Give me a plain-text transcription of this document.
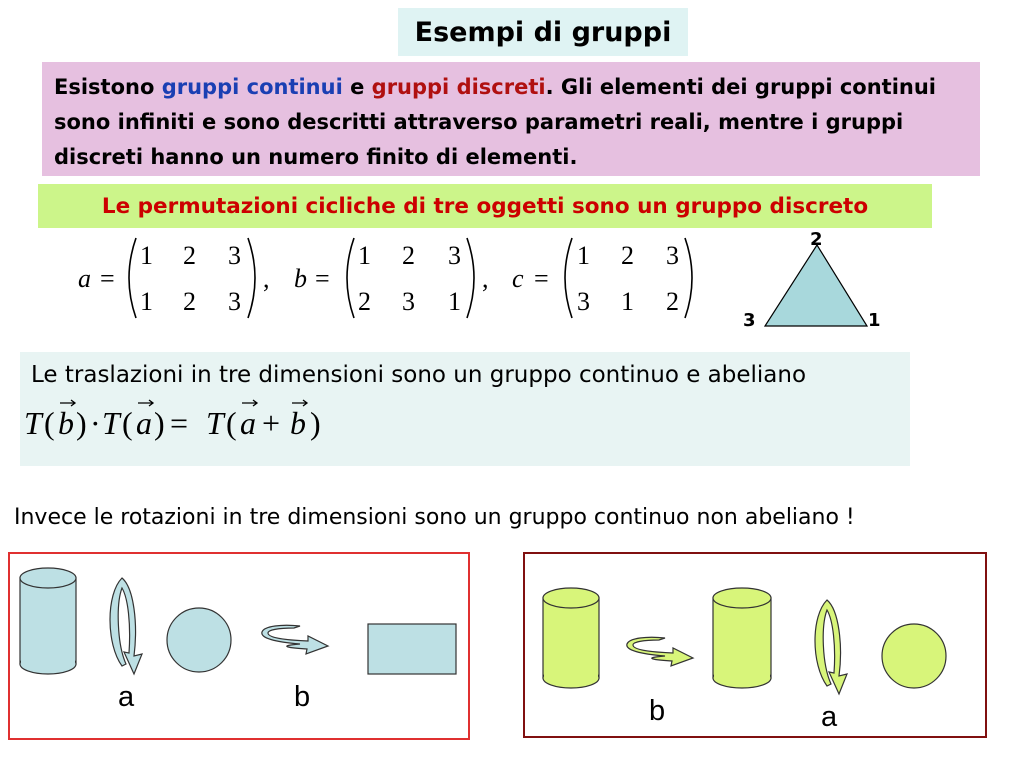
Esempi di gruppi
Esistono gruppi continui e gruppi discreti. Gli elementi dei gruppi continui sono infiniti e sono descritti attraverso parametri reali, mentre i gruppi discreti hanno un numero finito di elementi.
Le permutazioni cicliche di tre oggetti sono un gruppo discreto
a =
1 2 3
1 2 3
, b =
1 2 3
2 3 1
, c =
1 2 3
3 1 2
2
3	1
Le traslazioni in tre dimensioni sono un gruppo continuo e abeliano
T ( b ) · T ( a ) = T ( a + b )
Invece le rotazioni in tre dimensioni sono un gruppo continuo non abeliano !
a	b	b	a
